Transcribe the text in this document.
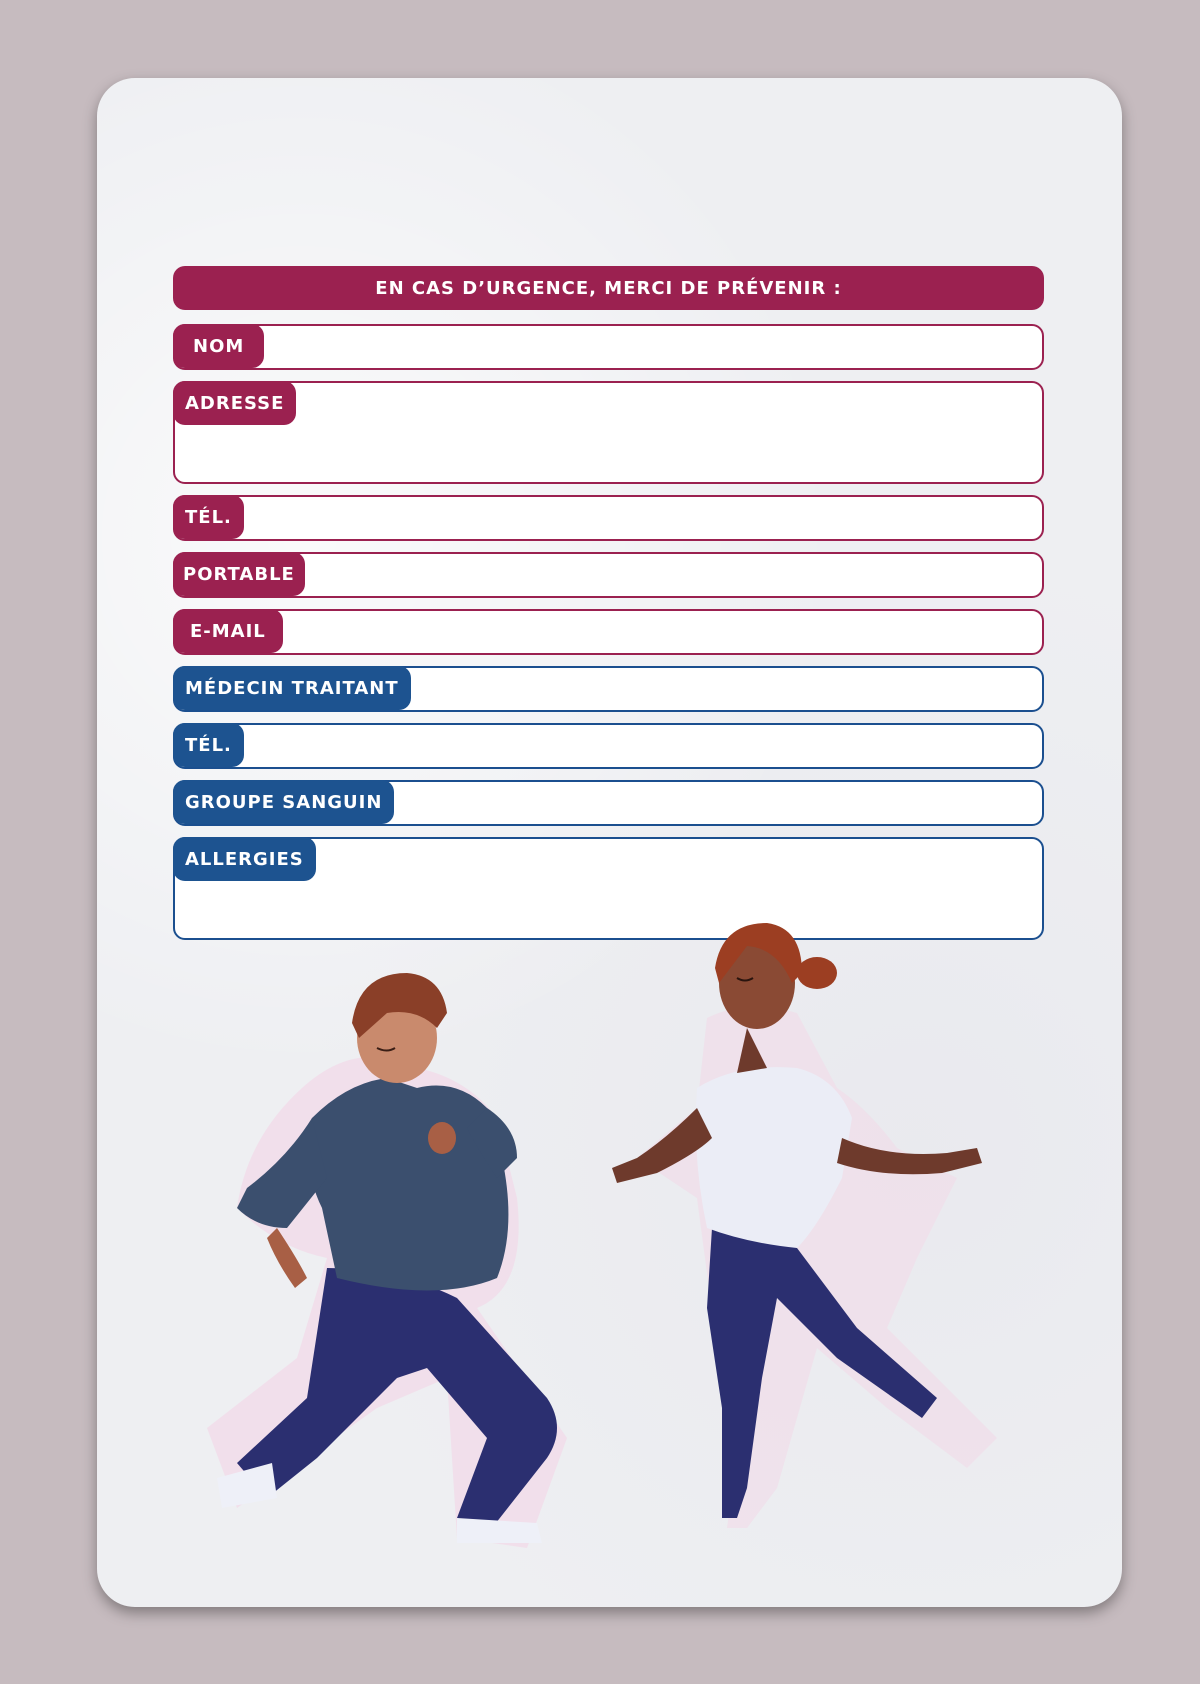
EN CAS D’URGENCE, MERCI DE PRÉVENIR :
NOM
ADRESSE
TÉL.
PORTABLE
E-MAIL
MÉDECIN TRAITANT
TÉL.
GROUPE SANGUIN
ALLERGIES
